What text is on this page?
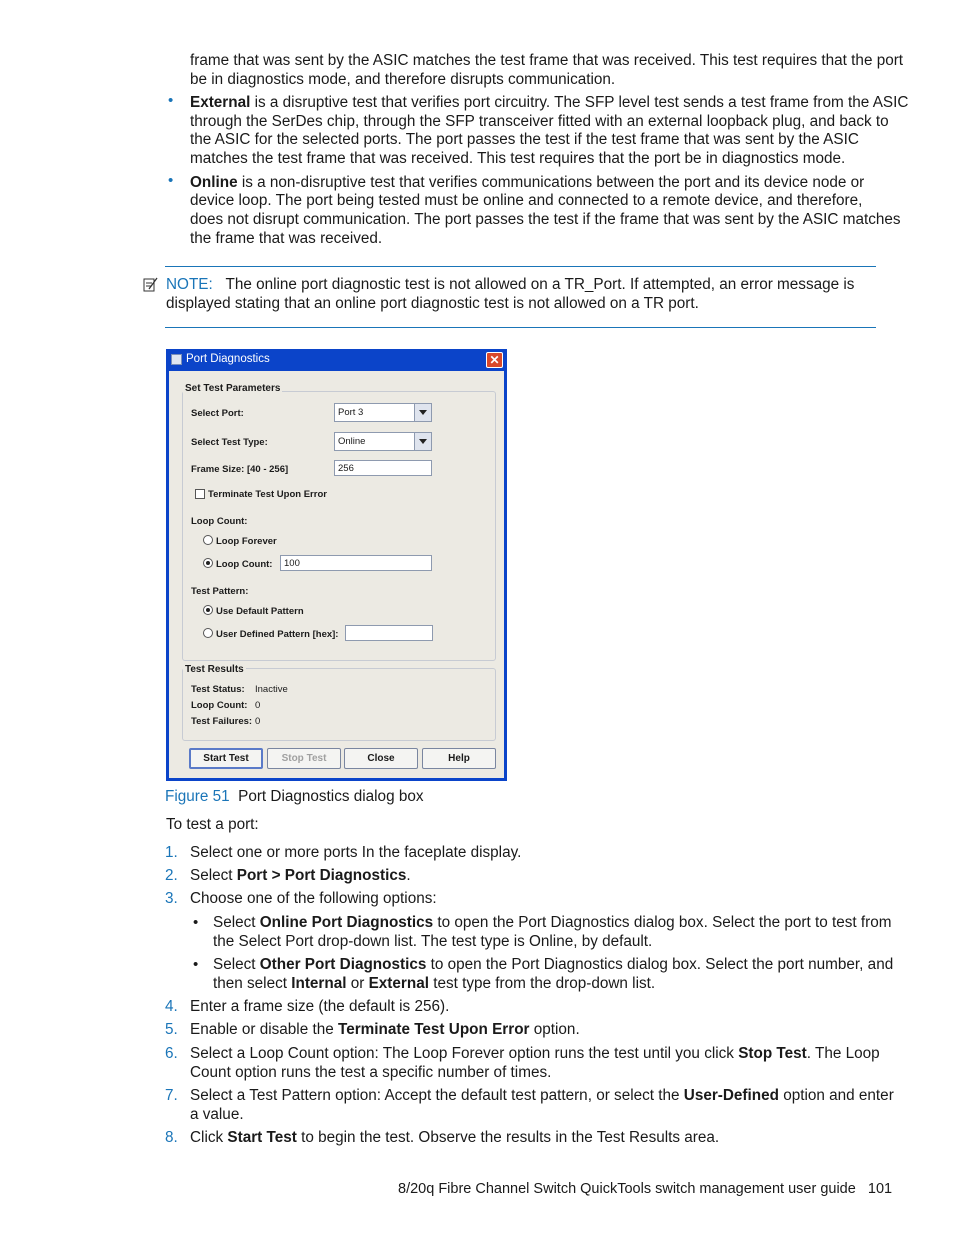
frame that was sent by the ASIC matches the test frame that was received. This test requires that the port

be in diagnostics mode, and therefore disrupts communication.

• External is a disruptive test that verifies port circuitry. The SFP level test sends a test frame from the ASIC

through the SerDes chip, through the SFP transceiver fitted with an external loopback plug, and back to

the ASIC for the selected ports. The port passes the test if the test frame that was sent by the ASIC

matches the test frame that was received. This test requires that the port be in diagnostics mode.

• Online is a non-disruptive test that verifies communications between the port and its device node or

device loop. The port being tested must be online and connected to a remote device, and therefore,

does not disrupt communication. The port passes the test if the frame that was sent by the ASIC matches

the frame that was received.

NOTE: The online port diagnostic test is not allowed on a TR_Port. If attempted, an error message is

displayed stating that an online port diagnostic test is not allowed on a TR port.

Port Diagnostics	✕
Set Test Parameters
Select Port:	Port 3
Select Test Type:	Online
Frame Size: [40 - 256]	256
Terminate Test Upon Error
Loop Count:
Loop Forever
Loop Count:	100
Test Pattern:
Use Default Pattern
User Defined Pattern [hex]:
Test Results
Test Status: Inactive
Loop Count: 0
Test Failures: 0
Start Test	Stop Test	Close	Help

Figure 51 Port Diagnostics dialog box

To test a port:

1. Select one or more ports In the faceplate display.

2. Select Port > Port Diagnostics.

3. Choose one of the following options:

• Select Online Port Diagnostics to open the Port Diagnostics dialog box. Select the port to test from

the Select Port drop-down list. The test type is Online, by default.

• Select Other Port Diagnostics to open the Port Diagnostics dialog box. Select the port number, and

then select Internal or External test type from the drop-down list.

4. Enter a frame size (the default is 256).

5. Enable or disable the Terminate Test Upon Error option.

6. Select a Loop Count option: The Loop Forever option runs the test until you click Stop Test. The Loop

Count option runs the test a specific number of times.

7. Select a Test Pattern option: Accept the default test pattern, or select the User-Defined option and enter

a value.

8. Click Start Test to begin the test. Observe the results in the Test Results area.

8/20q Fibre Channel Switch QuickTools switch management user guide 101
